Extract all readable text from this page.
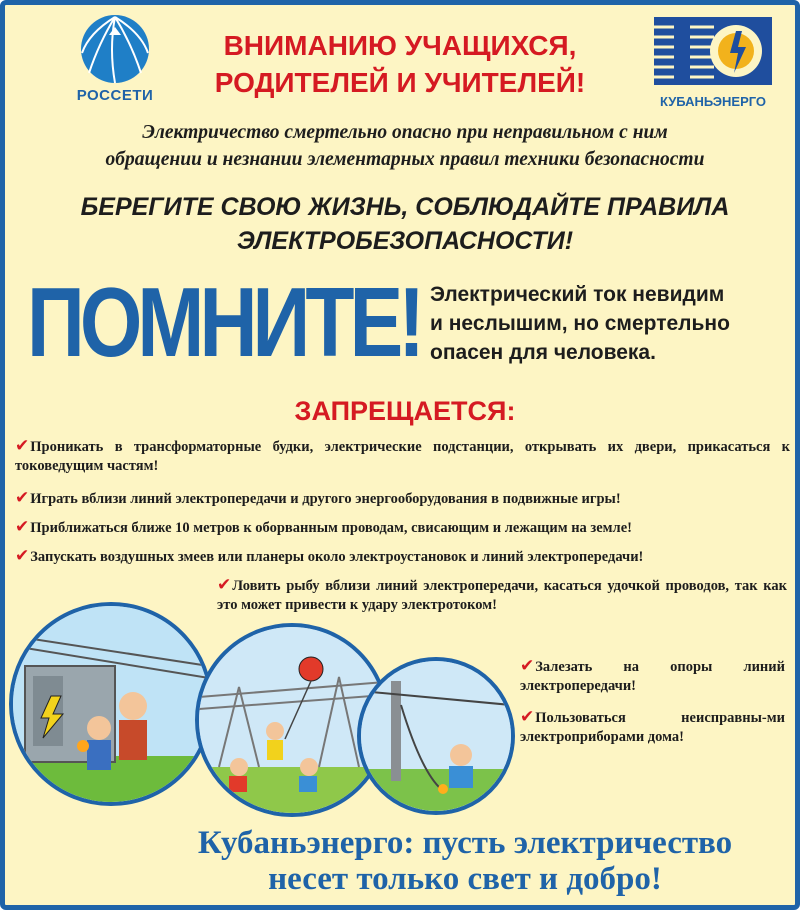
РОССЕТИ
ВНИМАНИЮ УЧАЩИХСЯ,
РОДИТЕЛЕЙ И УЧИТЕЛЕЙ!
КУБАНЬЭНЕРГО

Электричество смертельно опасно при неправильном с ним
обращении и незнании элементарных правил техники безопасности

БЕРЕГИТЕ СВОЮ ЖИЗНЬ, СОБЛЮДАЙТЕ ПРАВИЛА
ЭЛЕКТРОБЕЗОПАСНОСТИ!

ПОМНИТЕ! Электрический ток невидим
и неслышим, но смертельно
опасен для человека.

ЗАПРЕЩАЕТСЯ:

✔Проникать в трансформаторные будки, электрические подстанции, открывать их двери, прикасаться к токоведущим частям!

✔Играть вблизи линий электропередачи и другого энергооборудования в подвижные игры!

✔Приближаться ближе 10 метров к оборванным проводам, свисающим и лежащим на земле!

✔Запускать воздушных змеев или планеры около электроустановок и линий электропередачи!

✔Ловить рыбу вблизи линий электропередачи, касаться удочкой проводов, так как это может привести к удару электротоком!

✔Залезать на опоры линий электропередачи!

✔Пользоваться неисправны-ми электроприборами дома!

Кубаньэнерго: пусть электричество
несет только свет и добро!
